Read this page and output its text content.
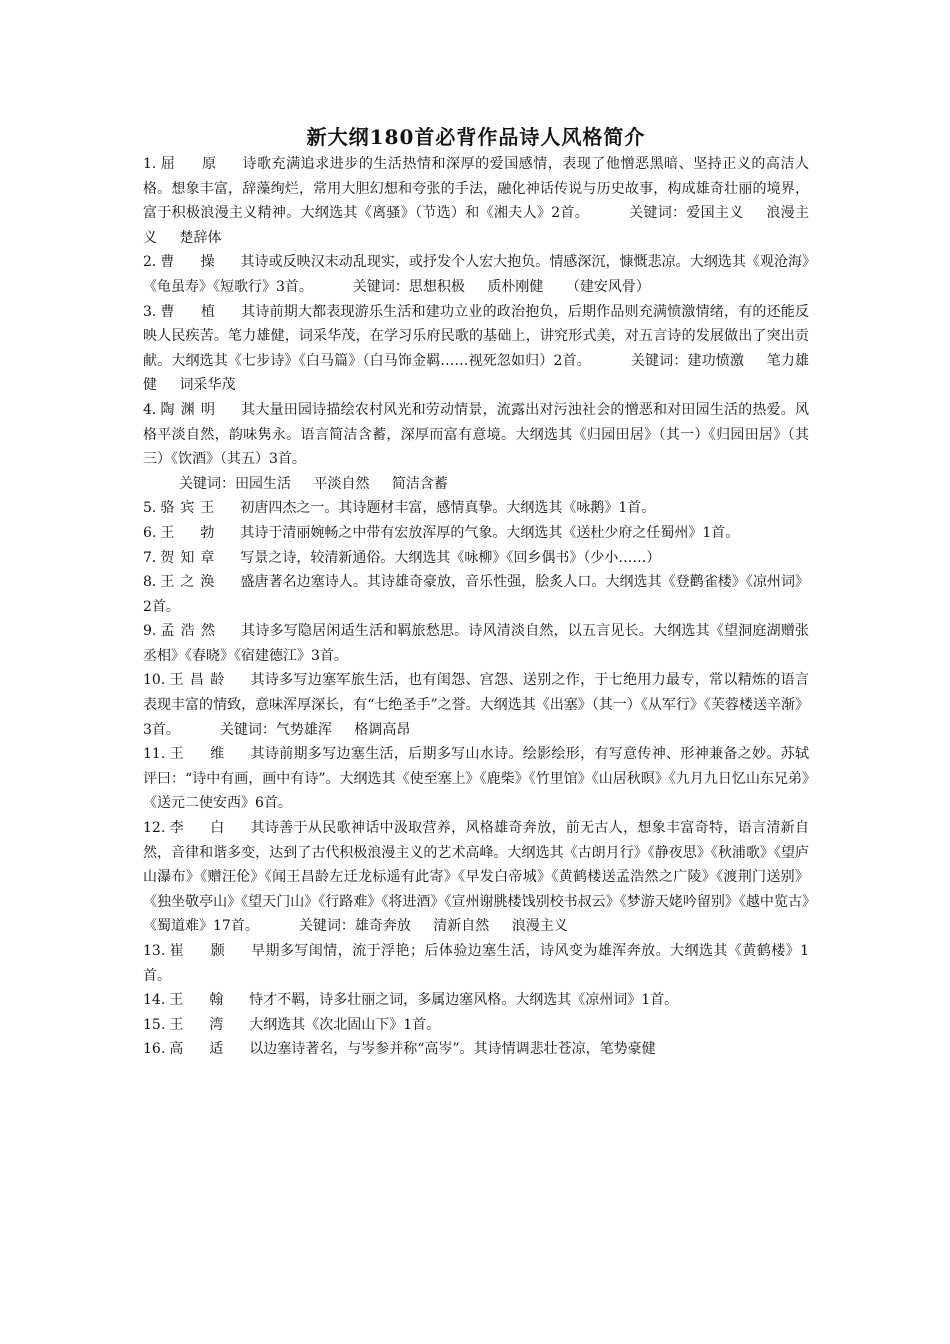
新大纲180首必背作品诗人风格简介

1. 屈　原 诗歌充满追求进步的生活热情和深厚的爱国感情，表现了他憎恶黑暗、坚持正义的高洁人格。想象丰富，辞藻绚烂，常用大胆幻想和夸张的手法，融化神话传说与历史故事，构成雄奇壮丽的境界，富于积极浪漫主义精神。大纲选其《离骚》（节选）和《湘夫人》2首。	关键词：爱国主义 浪漫主义 楚辞体

2. 曹　操 其诗或反映汉末动乱现实，或抒发个人宏大抱负。情感深沉，慷慨悲凉。大纲选其《观沧海》《龟虽寿》《短歌行》3首。	关键词：思想积极 质朴刚健 （建安风骨）

3. 曹　植 其诗前期大都表现游乐生活和建功立业的政治抱负，后期作品则充满愤激情绪，有的还能反映人民疾苦。笔力雄健，词采华茂，在学习乐府民歌的基础上，讲究形式美，对五言诗的发展做出了突出贡献。大纲选其《七步诗》《白马篇》（白马饰金羁……视死忽如归）2首。	关键词：建功愤激 笔力雄健 词采华茂

4. 陶渊明 其大量田园诗描绘农村风光和劳动情景，流露出对污浊社会的憎恶和对田园生活的热爱。风格平淡自然，韵味隽永。语言简洁含蓄，深厚而富有意境。大纲选其《归园田居》（其一）《归园田居》（其三）《饮酒》（其五）3首。
关键词：田园生活 平淡自然 简洁含蓄

5. 骆宾王 初唐四杰之一。其诗题材丰富，感情真挚。大纲选其《咏鹅》1首。

6. 王　勃 其诗于清丽婉畅之中带有宏放浑厚的气象。大纲选其《送杜少府之任蜀州》1首。

7. 贺知章 写景之诗，较清新通俗。大纲选其《咏柳》《回乡偶书》（少小……）

8. 王之涣 盛唐著名边塞诗人。其诗雄奇豪放，音乐性强，脍炙人口。大纲选其《登鹳雀楼》《凉州词》2首。

9. 孟浩然 其诗多写隐居闲适生活和羁旅愁思。诗风清淡自然，以五言见长。大纲选其《望洞庭湖赠张丞相》《春晓》《宿建德江》3首。

10. 王昌龄 其诗多写边塞军旅生活，也有闺怨、宫怨、送别之作，于七绝用力最专，常以精炼的语言表现丰富的情致，意味浑厚深长，有“七绝圣手”之誉。大纲选其《出塞》（其一）《从军行》《芙蓉楼送辛渐》3首。	关键词：气势雄浑 格调高昂

11. 王　维 其诗前期多写边塞生活，后期多写山水诗。绘影绘形，有写意传神、形神兼备之妙。苏轼评曰：“诗中有画，画中有诗”。大纲选其《使至塞上》《鹿柴》《竹里馆》《山居秋暝》《九月九日忆山东兄弟》《送元二使安西》6首。

12. 李　白 其诗善于从民歌神话中汲取营养，风格雄奇奔放，前无古人，想象丰富奇特，语言清新自然，音律和谐多变，达到了古代积极浪漫主义的艺术高峰。大纲选其《古朗月行》《静夜思》《秋浦歌》《望庐山瀑布》《赠汪伦》《闻王昌龄左迁龙标遥有此寄》《早发白帝城》《黄鹤楼送孟浩然之广陵》《渡荆门送别》《独坐敬亭山》《望天门山》《行路难》《将进酒》《宣州谢朓楼饯别校书叔云》《梦游天姥吟留别》《越中览古》《蜀道难》17首。	关键词：雄奇奔放 清新自然 浪漫主义

13. 崔　颢 早期多写闺情，流于浮艳；后体验边塞生活，诗风变为雄浑奔放。大纲选其《黄鹤楼》1首。

14. 王　翰 恃才不羁，诗多壮丽之词，多属边塞风格。大纲选其《凉州词》1首。

15. 王　湾 大纲选其《次北固山下》1首。

16. 高　适 以边塞诗著名，与岑参并称“高岑”。其诗情调悲壮苍凉，笔势豪健
